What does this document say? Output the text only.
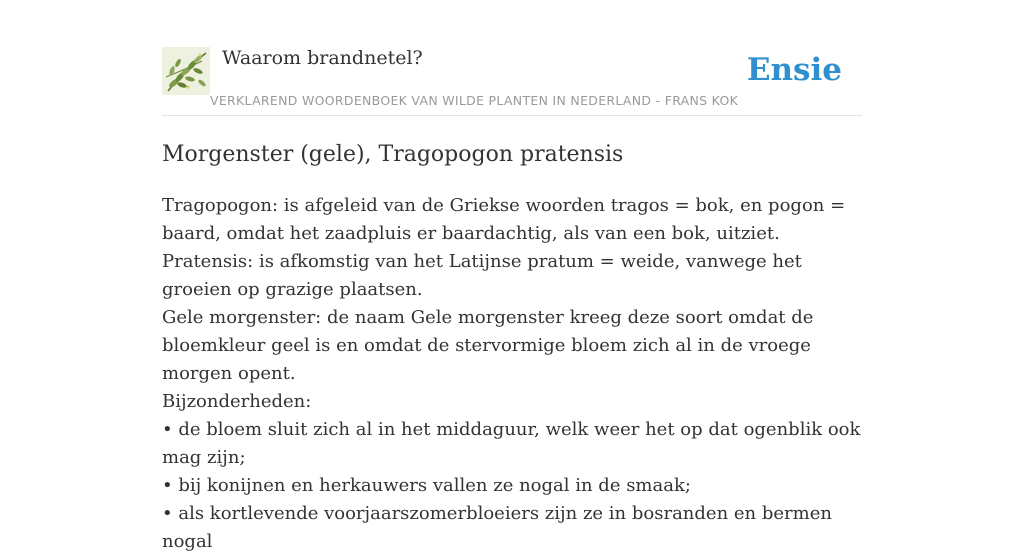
Waarom brandnetel?
VERKLAREND WOORDENBOEK VAN WILDE PLANTEN IN NEDERLAND - FRANS KOK
Ensie
Morgenster (gele), Tragopogon pratensis

Tragopogon: is afgeleid van de Griekse woorden tragos = bok, en pogon = baard, omdat het zaadpluis er baardachtig, als van een bok, uitziet.

Pratensis: is afkomstig van het Latijnse pratum = weide, vanwege het groeien op grazige plaatsen.

Gele morgenster: de naam Gele morgenster kreeg deze soort omdat de bloemkleur geel is en omdat de stervormige bloem zich al in de vroege morgen opent.

Bijzonderheden:

• de bloem sluit zich al in het middaguur, welk weer het op dat ogenblik ook mag zijn;

• bij konijnen en herkauwers vallen ze nogal in de smaak;

• als kortlevende voorjaarszomerbloeiers zijn ze in bosranden en bermen nogal
